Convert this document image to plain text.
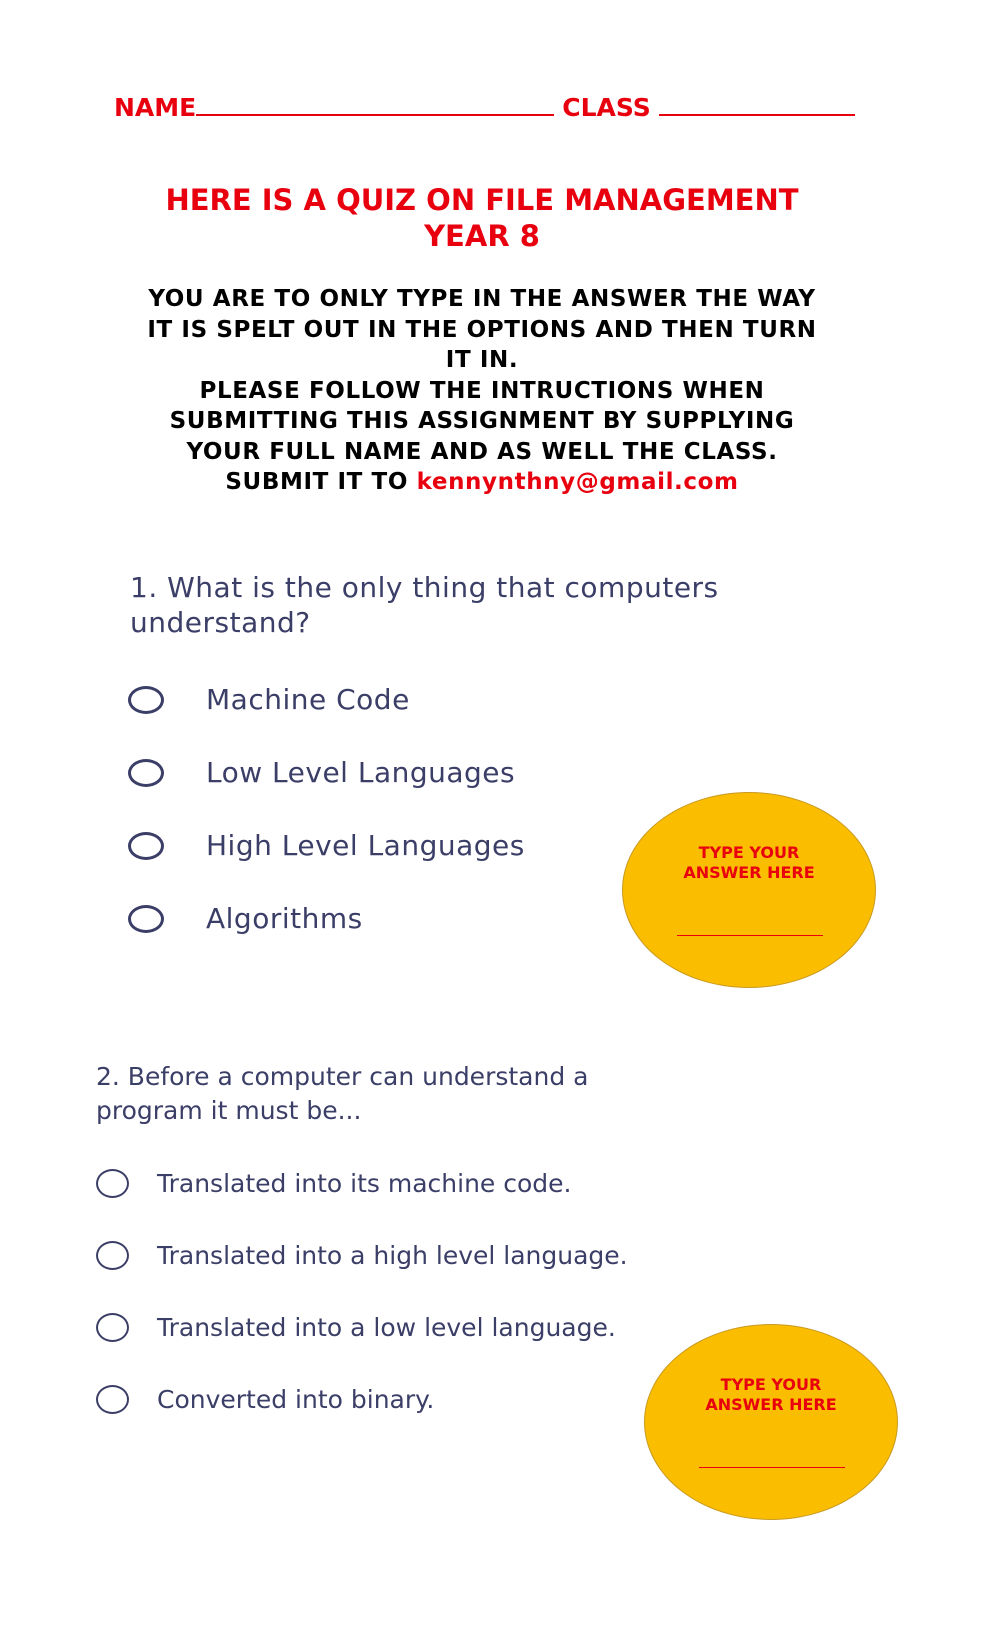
NAME	CLASS
HERE IS A QUIZ ON FILE MANAGEMENT
YEAR 8
YOU ARE TO ONLY TYPE IN THE ANSWER THE WAY
IT IS SPELT OUT IN THE OPTIONS AND THEN TURN
IT IN.
PLEASE FOLLOW THE INTRUCTIONS WHEN
SUBMITTING THIS ASSIGNMENT BY SUPPLYING
YOUR FULL NAME AND AS WELL THE CLASS.
SUBMIT IT TO kennynthny@gmail.com
1. What is the only thing that computers
understand?
Machine Code
Low Level Languages
High Level Languages
Algorithms
TYPE YOUR
ANSWER HERE
2. Before a computer can understand a
program it must be...
Translated into its machine code.
Translated into a high level language.
Translated into a low level language.
Converted into binary.
TYPE YOUR
ANSWER HERE
